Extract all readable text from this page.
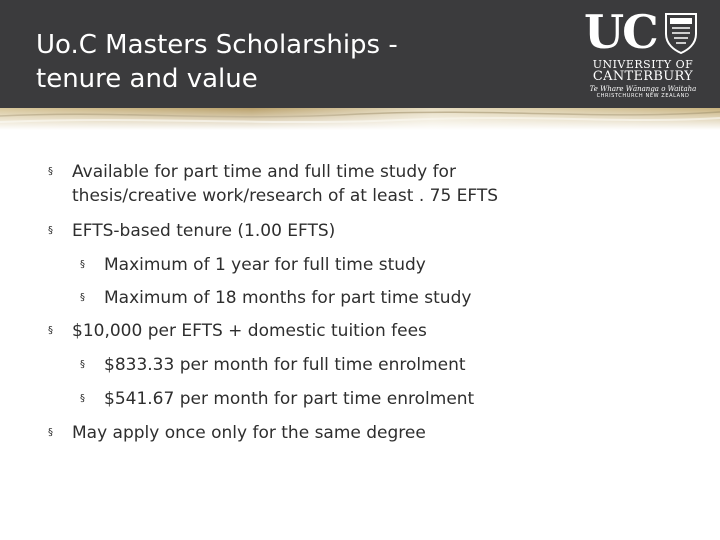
Uo.C Masters Scholarships -
tenure and value
UC
UNIVERSITY OF
CANTERBURY
Te Whare Wānanga o Waitaha
CHRISTCHURCH NEW ZEALAND
§	Available for part time and full time study for
thesis/creative work/research of at least . 75 EFTS
§	EFTS-based tenure (1.00 EFTS)
§	Maximum of 1 year for full time study
§	Maximum of 18 months for part time study
§	$10,000 per EFTS + domestic tuition fees
§	$833.33 per month for full time enrolment
§	$541.67 per month for part time enrolment
§	May apply once only for the same degree
